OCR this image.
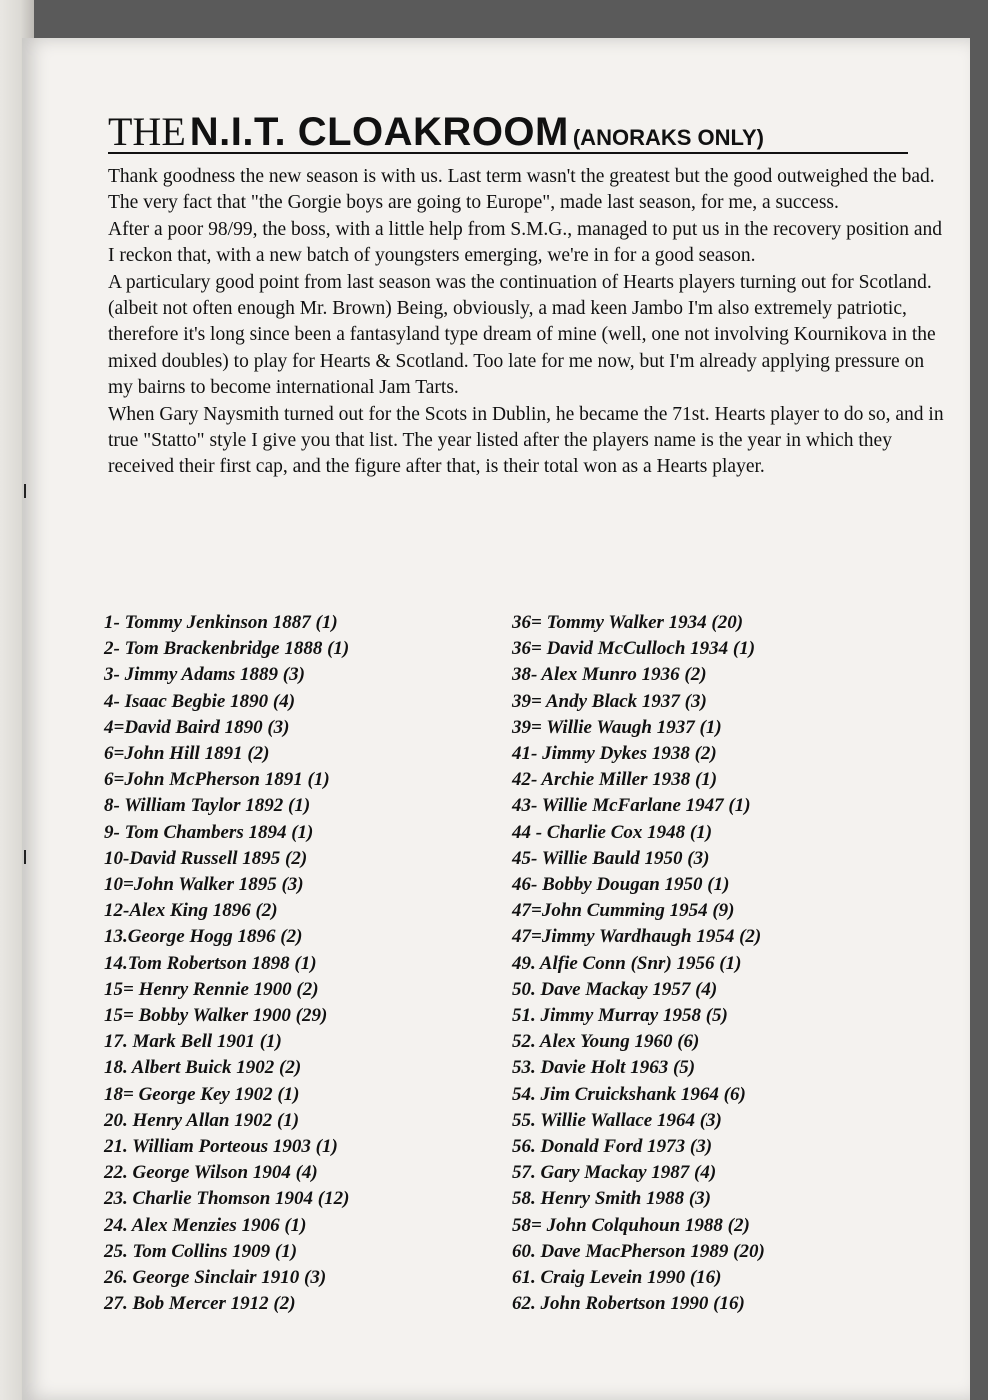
THE N.I.T. CLOAKROOM (ANORAKS ONLY)

Thank goodness the new season is with us. Last term wasn't the greatest but the good outweighed the bad. The very fact that "the Gorgie boys are going to Europe", made last season, for me, a success.

After a poor 98/99, the boss, with a little help from S.M.G., managed to put us in the recovery position and I reckon that, with a new batch of youngsters emerging, we're in for a good season.

A particulary good point from last season was the continuation of Hearts players turning out for Scotland. (albeit not often enough Mr. Brown) Being, obviously, a mad keen Jambo I'm also extremely patriotic, therefore it's long since been a fantasyland type dream of mine (well, one not involving Kournikova in the mixed doubles) to play for Hearts & Scotland. Too late for me now, but I'm already applying pressure on my bairns to become international Jam Tarts.

When Gary Naysmith turned out for the Scots in Dublin, he became the 71st. Hearts player to do so, and in true "Statto" style I give you that list. The year listed after the players name is the year in which they received their first cap, and the figure after that, is their total won as a Hearts player.

1- Tommy Jenkinson 1887 (1)
2- Tom Brackenbridge 1888 (1)
3- Jimmy Adams 1889 (3)
4- Isaac Begbie 1890 (4)
4=David Baird 1890 (3)
6=John Hill 1891 (2)
6=John McPherson 1891 (1)
8- William Taylor 1892 (1)
9- Tom Chambers 1894 (1)
10-David Russell 1895 (2)
10=John Walker 1895 (3)
12-Alex King 1896 (2)
13.George Hogg 1896 (2)
14.Tom Robertson 1898 (1)
15= Henry Rennie 1900 (2)
15= Bobby Walker 1900 (29)
17. Mark Bell 1901 (1)
18. Albert Buick 1902 (2)
18= George Key 1902 (1)
20. Henry Allan 1902 (1)
21. William Porteous 1903 (1)
22. George Wilson 1904 (4)
23. Charlie Thomson 1904 (12)
24. Alex Menzies 1906 (1)
25. Tom Collins 1909 (1)
26. George Sinclair 1910 (3)
27. Bob Mercer 1912 (2)
36= Tommy Walker 1934 (20)
36= David McCulloch 1934 (1)
38- Alex Munro 1936 (2)
39= Andy Black 1937 (3)
39= Willie Waugh 1937 (1)
41- Jimmy Dykes 1938 (2)
42- Archie Miller 1938 (1)
43- Willie McFarlane 1947 (1)
44 - Charlie Cox 1948 (1)
45- Willie Bauld 1950 (3)
46- Bobby Dougan 1950 (1)
47=John Cumming 1954 (9)
47=Jimmy Wardhaugh 1954 (2)
49. Alfie Conn (Snr) 1956 (1)
50. Dave Mackay 1957 (4)
51. Jimmy Murray 1958 (5)
52. Alex Young 1960 (6)
53. Davie Holt 1963 (5)
54. Jim Cruickshank 1964 (6)
55. Willie Wallace 1964 (3)
56. Donald Ford 1973 (3)
57. Gary Mackay 1987 (4)
58. Henry Smith 1988 (3)
58= John Colquhoun 1988 (2)
60. Dave MacPherson 1989 (20)
61. Craig Levein 1990 (16)
62. John Robertson 1990 (16)
